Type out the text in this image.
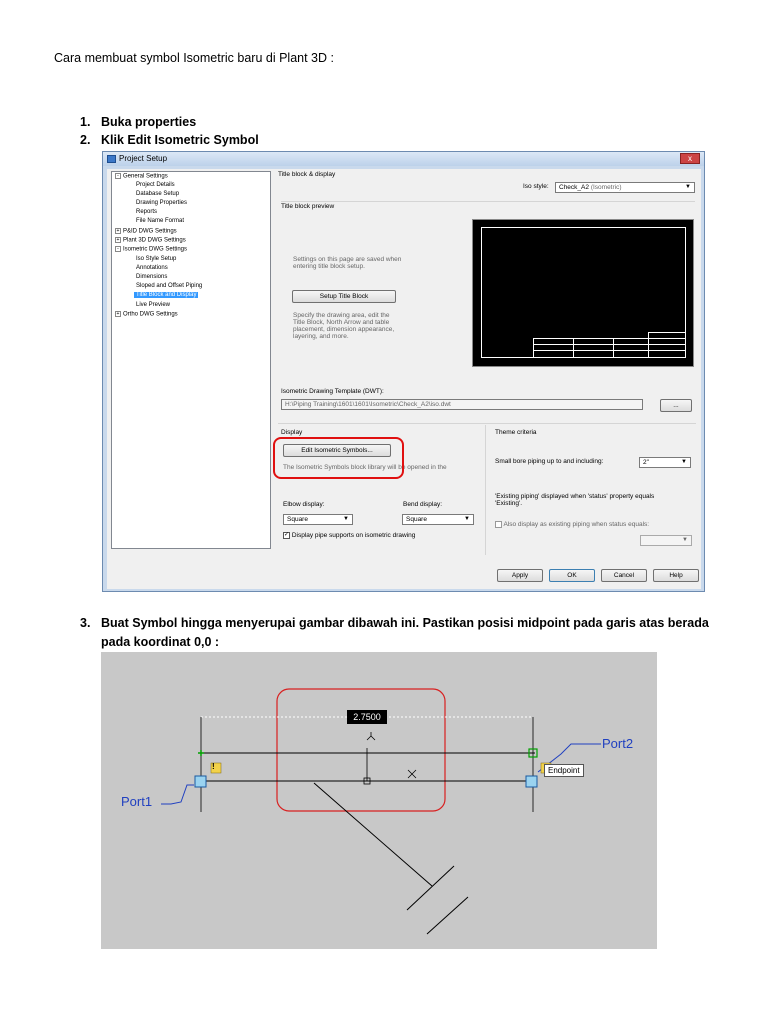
Cara membuat symbol Isometric baru di Plant 3D :
1. Buka properties
2. Klik Edit Isometric Symbol
Project Setup	x
- General Settings
Project Details
Database Setup
Drawing Properties
Reports
File Name Format
+ P&ID DWG Settings
+ Plant 3D DWG Settings
- Isometric DWG Settings
Iso Style Setup
Annotations
Dimensions
Sloped and Offset Piping
Title Block and Display
Live Preview
+ Ortho DWG Settings
Title block & display
Iso style:	Check_A2 (Isometric)	▼
Title block preview
Settings on this page are saved when entering title block setup.
Setup Title Block
Specify the drawing area, edit the Title Block, North Arrow and table placement, dimension appearance, layering, and more.
Isometric Drawing Template (DWT):
H:\Piping Training\1601\1601\Isometric\Check_A2\iso.dwt	...
Display
Edit Isometric Symbols...
The Isometric Symbols block library will be opened in the
Elbow display:
Square	▼
Bend display:
Square	▼
✓ Display pipe supports on isometric drawing
Theme criteria
Small bore piping up to and including:	2"	▼
'Existing piping' displayed when 'status' property equals 'Existing'.
Also display as existing piping when status equals:
▼
Apply	OK	Cancel	Help
3. Buat Symbol hingga menyerupai gambar dibawah ini. Pastikan posisi midpoint pada garis atas berada
pada koordinat 0,0 :
2.7500
!
Port1
Port2
Endpoint
